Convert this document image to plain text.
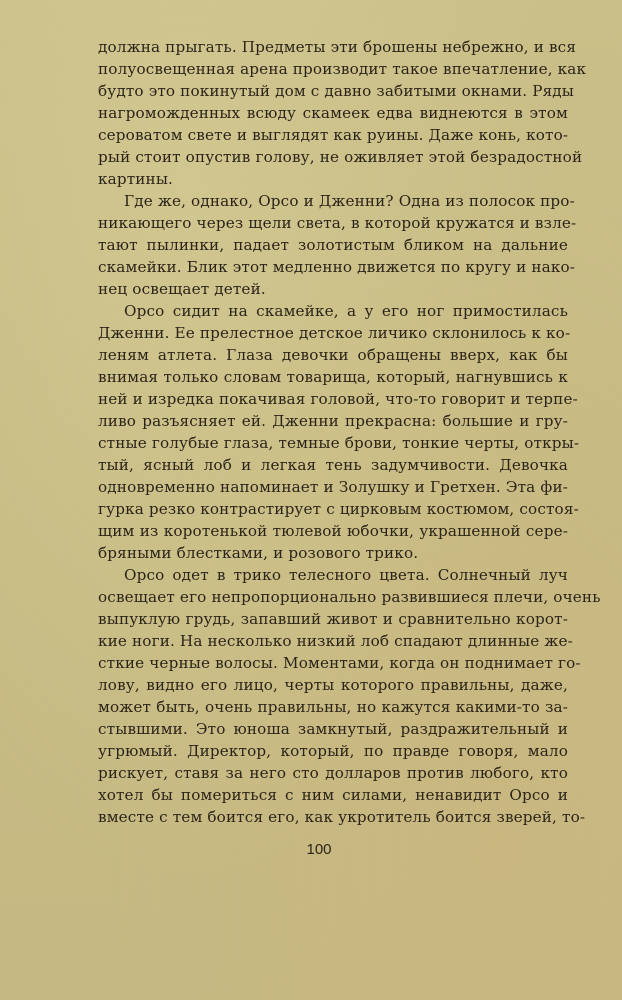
должна прыгать. Предметы эти брошены небрежно, и вся
полуосвещенная арена производит такое впечатление, как
будто это покинутый дом с давно забитыми окнами. Ряды
нагроможденных всюду скамеек едва виднеются в этом
сероватом свете и выглядят как руины. Даже конь, кото-
рый стоит опустив голову, не оживляет этой безрадостной
картины.
Где же, однако, Орсо и Дженни? Одна из полосок про-
никающего через щели света, в которой кружатся и взле-
тают пылинки, падает золотистым бликом на дальние
скамейки. Блик этот медленно движется по кругу и нако-
нец освещает детей.
Орсо сидит на скамейке, а у его ног примостилась
Дженни. Ее прелестное детское личико склонилось к ко-
леням атлета. Глаза девочки обращены вверх, как бы
внимая только словам товарища, который, нагнувшись к
ней и изредка покачивая головой, что-то говорит и терпе-
ливо разъясняет ей. Дженни прекрасна: большие и гру-
стные голубые глаза, темные брови, тонкие черты, откры-
тый, ясный лоб и легкая тень задумчивости. Девочка
одновременно напоминает и Золушку и Гретхен. Эта фи-
гурка резко контрастирует с цирковым костюмом, состоя-
щим из коротенькой тюлевой юбочки, украшенной сере-
бряными блестками, и розового трико.
Орсо одет в трико телесного цвета. Солнечный луч
освещает его непропорционально развившиеся плечи, очень
выпуклую грудь, запавший живот и сравнительно корот-
кие ноги. На несколько низкий лоб спадают длинные же-
сткие черные волосы. Моментами, когда он поднимает го-
лову, видно его лицо, черты которого правильны, даже,
может быть, очень правильны, но кажутся какими-то за-
стывшими. Это юноша замкнутый, раздражительный и
угрюмый. Директор, который, по правде говоря, мало
рискует, ставя за него сто долларов против любого, кто
хотел бы помериться с ним силами, ненавидит Орсо и
вместе с тем боится его, как укротитель боится зверей, то-
100
